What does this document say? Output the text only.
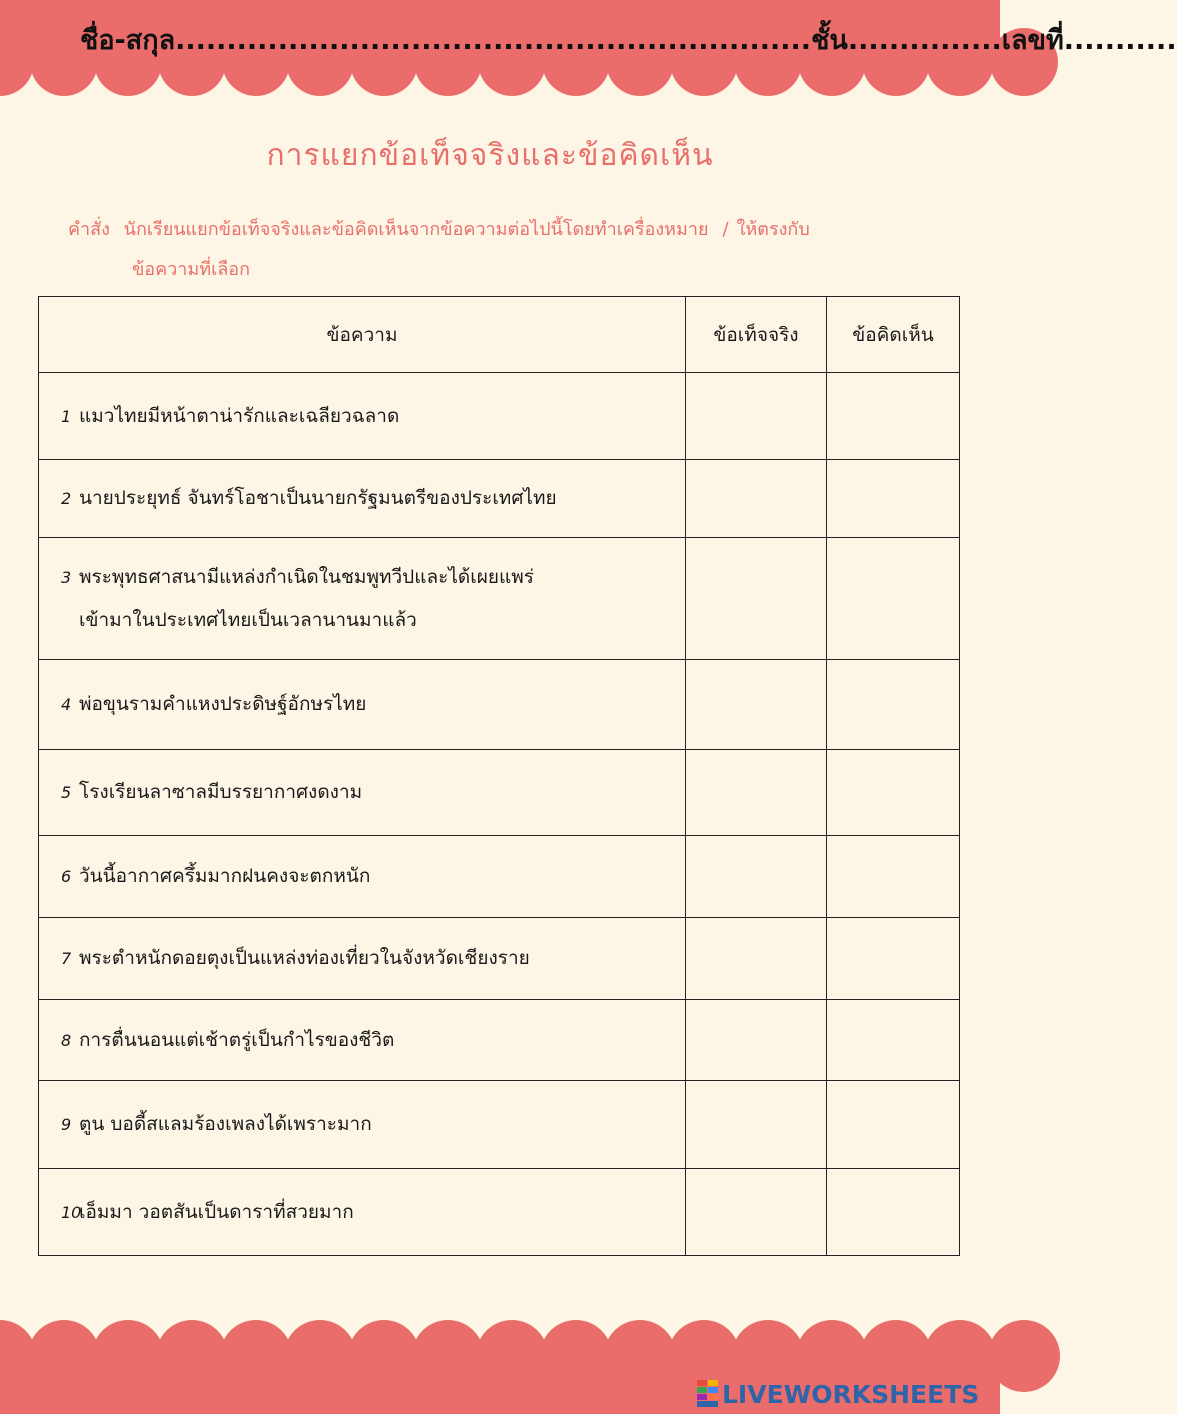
ชื่อ-สกุล..............................................................ชั้น...............เลขที่...........
การแยกข้อเท็จจริงและข้อคิดเห็น
คำสั่ง นักเรียนแยกข้อเท็จจริงและข้อคิดเห็นจากข้อความต่อไปนี้โดยทำเครื่องหมาย / ให้ตรงกับ
ข้อความที่เลือก
ข้อความ	ข้อเท็จจริง	ข้อคิดเห็น
1 แมวไทยมีหน้าตาน่ารักและเฉลียวฉลาด		
2 นายประยุทธ์ จันทร์โอชาเป็นนายกรัฐมนตรีของประเทศไทย		
3 พระพุทธศาสนามีแหล่งกำเนิดในชมพูทวีปและได้เผยแพร่
เข้ามาในประเทศไทยเป็นเวลานานมาแล้ว		

4 พ่อขุนรามคำแหงประดิษฐ์อักษรไทย		
5 โรงเรียนลาซาลมีบรรยากาศงดงาม		
6 วันนี้อากาศครึ้มมากฝนคงจะตกหนัก		
7 พระตำหนักดอยตุงเป็นแหล่งท่องเที่ยวในจังหวัดเชียงราย		
8 การตื่นนอนแต่เช้าตรู่เป็นกำไรของชีวิต		
9 ตูน บอดี้สแลมร้องเพลงได้เพราะมาก		
10เอ็มมา วอตสันเป็นดาราที่สวยมาก		
LIVEWORKSHEETS
